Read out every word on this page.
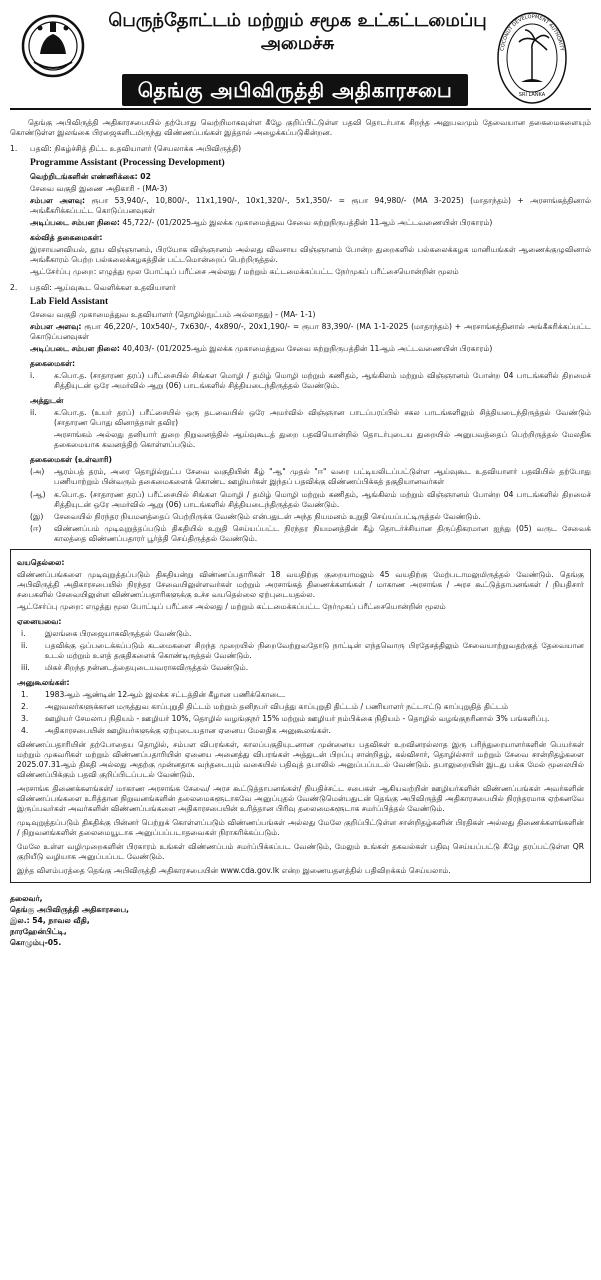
பெருந்தோட்டம் மற்றும் சமூக உட்கட்டமைப்பு
அமைச்சு
தெங்கு அபிவிருத்தி அதிகாரசபை
COCONUT DEVELOPMENT AUTHORITY
SRI LANKA

தெங்கு அபிவிருத்தி அதிகாரசபையில் தற்போது வெற்றிமாகவுள்ள கீழே குறிப்பிட்டுள்ள பதவி தொடர்பாக சிறந்த அனுபவமும் தேவையான தகைமைகளையும் கொண்டுள்ள இலங்கை பிரஜைகளிடமிருந்து விண்ணப்பங்கள் இத்தால் அழைக்கப்படுகின்றன.

1.	பதவி: நிகழ்ச்சித் திட்ட உதவியாளர் (செயலாக்க அபிவிருத்தி)
Programme Assistant (Processing Development)

வெற்றிடங்களின் எண்ணிக்கை: 02

சேவை வகுதி இணை அதிகாரி - (MA-3)

சம்பள அளவு: ரூபா 53,940/-, 10,800/-, 11x1,190/-, 10x1,320/-, 5x1,350/- = ரூபா 94,980/- (MA 3-2025) (மாதாந்தம்) + அரசாங்கத்தினால் அங்கீகரிக்கப்பட்ட கொடுப்பனவுகள்

அடிப்படை சம்பள நிலை: 45,722/- (01/2025ஆம் இலக்க முகாமைத்துவ சேவை சுற்றுநிருபத்தின் 11ஆம் அட்டவணையின் பிரகாரம்)

கல்வித் தகைமைகள்:

இரசாயனவியல், தூய விஞ்ஞானம், பிரயோக விஞ்ஞானம் அல்லது விவசாய விஞ்ஞானம் போன்ற துறைகளில் பல்கலைக்கழக மானியங்கள் ஆணைக்குழுவினால் அங்கீகாரம் பெற்ற பல்கலைக்கழகத்தின் பட்டமொன்றைப் பெற்றிருத்தல்.

ஆட்சேர்ப்பு முறை: எழுத்து மூல போட்டிப் பரீட்சை அல்லது / மற்றும் கட்டமைக்கப்பட்ட நேர்முகப் பரீட்சையொன்றின் மூலம்

2.	பதவி: ஆய்வுகூட வெளிக்கள உதவியாளர்
Lab Field Assistant

சேவை வகுதி முகாமைத்துவ உதவியாளர் (தொழில்நுட்பம் அல்லாதது) - (MA- 1-1)

சம்பள அளவு: ரூபா 46,220/-, 10x540/-, 7x630/-, 4x890/-, 20x1,190/- = ரூபா 83,390/- (MA 1-1-2025 (மாதாந்தம்) + அரசாங்கத்தினால் அங்கீகரிக்கப்பட்ட கொடுப்பனவுகள்

அடிப்படை சம்பள நிலை: 40,403/- (01/2025ஆம் இலக்க முகாமைத்துவ சேவை சுற்றுநிருபத்தின் 11ஆம் அட்டவணையின் பிரகாரம்)

தகைமைகள்:

i.	க.பொ.த. (சாதாரண தரப்) பரீட்சையில் சிங்கள மொழி / தமிழ் மொழி மற்றும் கணிதம், ஆங்கிலம் மற்றும் விஞ்ஞானம் போன்ற 04 பாடங்களில் திறமைச் சித்தியுடன் ஒரே அமர்வில் ஆறு (06) பாடங்களில் சித்தியடைந்திருத்தல் வேண்டும்.

அத்துடன்

ii.	க.பொ.த. (உயர் தரப்) பரீட்சையில் ஒரு தடவையில் ஒரே அமர்வில் விஞ்ஞான பாடப்பரப்பில் சகல பாடங்களிலும் சித்தியடைந்திருத்தல் வேண்டும் (சாதாரண பொது வினாத்தாள் தவிர)

அரசாங்கம் அல்லது தனியார் துறை நிறுவனத்தில் ஆய்வுகூடத் துறை பதவியொன்றில் தொடர்புடைய துறையில் அனுபவத்தைப் பெற்றிருத்தல் மேலதிக தகைமையாக கவனத்திற் கொள்ளப்படும்.

தகைமைகள் (உள்வாரி)

(அ)	ஆரம்பத் தரம், அரை தொழில்நுட்ப சேவை வகுதியின் கீழ் "ஆ" முதல் "ஈ" வரை பட்டியலிடப்பட்டுள்ள ஆய்வுகூட உதவியாளர் பதவியில் தற்போது பணியாற்றும் பின்வரும் தகைமைகளைக் கொண்ட ஊழியர்கள் இந்தப் பதவிக்கு விண்ணப்பிக்கத் தகுதியானவர்கள்
(ஆ)	க.பொ.த. (சாதாரண தரப்) பரீட்சையில் சிங்கள மொழி / தமிழ் மொழி மற்றும் கணிதம், ஆங்கிலம் மற்றும் விஞ்ஞானம் போன்ற 04 பாடங்களில் திறமைச் சித்தியுடன் ஒரே அமர்வில் ஆறு (06) பாடங்களில் சித்தியடைந்திருத்தல் வேண்டும்.
(இ)	சேவையில் நிரந்தர நியமனத்தைப் பெற்றிருக்க வேண்டும் என்பதுடன் அந்த நியமனம் உறுதி செய்யப்பட்டிருத்தல் வேண்டும்.
(ஈ)	விண்ணப்பம் முடிவுறுத்தப்படும் திகதியில் உறுதி செய்யப்பட்ட நிரந்தர நியமனத்தின் கீழ் தொடர்ச்சியான திருப்திகரமான ஐந்து (05) வருட சேவைக் காலத்தை விண்ணப்பதாரர் பூர்த்தி செய்திருத்தல் வேண்டும்.

வயதெல்லை:

விண்ணப்பங்களை முடிவுறுத்தப்படும் திகதியன்று விண்ணப்பதாரிகள் 18 வயதிற்கு குறையாமலும் 45 வயதிற்கு மேற்படாமலுமிருத்தல் வேண்டும். தெங்கு அபிவிருத்தி அதிகாரசபையில் நிரந்தர சேவையிலுள்ளவர்கள் மற்றும் அரசாங்கத் திணைக்களங்கள் / மாகாண அரசாங்க / அரச கூட்டுத்தாபனங்கள் / நியதிசார் சபைகளில் சேவையிலுள்ள விண்ணப்பதாரிகளுக்கு உச்ச வயதெல்லை ஏற்புடையதல்ல.

ஆட்சேர்ப்பு முறை: எழுத்து மூல போட்டிப் பரீட்சை அல்லது / மற்றும் கட்டமைக்கப்பட்ட நேர்முகப் பரீட்சையொன்றின் மூலம்

ஏனையவை:

i.	இலங்கை பிரஜையாகவிருத்தல் வேண்டும்.
ii.	பதவிக்கு ஒப்படைக்கப்படும் கடமைகளை சிறந்த முறையில் நிறைவேற்றுவதோடு நாட்டின் எந்தவொரு பிரதேசத்திலும் சேவையாற்றுவதற்குத் தேவையான உடல் மற்றும் உளத் தகுதிகளைக் கொண்டிருத்தல் வேண்டும்.
iii.	மிகச் சிறந்த நன்னடத்தையுடையவராகவிருத்தல் வேண்டும்.

அனுகூலங்கள்:

1.	1983ஆம் ஆண்டின் 12ஆம் இலக்க சட்டத்தின் கீழான பணிக்கொடை.
2.	அலுவலர்களுக்கான மருத்துவ காப்புறுதி திட்டம் மற்றும் தனிநபர் விபத்து காப்புறுதி திட்டம் / பணியாளர் நட்டஈட்டு காப்புறுதித் திட்டம்
3.	ஊழியர் சேமலாப நிதியம் - ஊழியர் 10%, தொழில் வழங்குநர் 15% மற்றும் ஊழியர் நம்பிக்கை நிதியம் - தொழில் வழங்குநரினால் 3% பங்களிப்பு.
4.	அதிகாரசபையின் ஊழியர்களுக்கு ஏற்புடையதான ஏனைய மேலதிக அனுகூலங்கள்.

விண்ணப்பதாரியின் தற்போதைய தொழில், சம்பள விபரங்கள், காலப்பகுதியுடனான முன்னைய பதவிகள் உறவினரல்லாத இரு பரிந்துரையாளர்களின் பெயர்கள் மற்றும் முகவரிகள் மற்றும் விண்ணப்பதாரியின் ஏனைய அனைத்து விபரங்கள் அத்துடன் பிறப்பு சான்றிதழ், கல்விசார், தொழில்சார் மற்றும் சேவை சான்றிதழ்களை 2025.07.31ஆம் திகதி அல்லது அதற்கு முன்னதாக வந்தடையும் வகையில் பதிவுத் தபாலில் அனுப்பப்படல் வேண்டும். தபாலுறையின் இடது பக்க மேல் மூலையில் விண்ணப்பிக்கும் பதவி குறிப்பிடப்படல் வேண்டும்.

அரசாங்க திணைக்களங்கள்/ மாகாண அரசாங்க சேவை/ அரச கூட்டுத்தாபனங்கள்/ நியதிச்சட்ட சபைகள் ஆகியவற்றின் ஊழியர்களின் விண்ணப்பங்கள் அவர்களின் விண்ணப்பங்களை உரித்தான நிறுவனங்களின் தலைமைகளூடாகவே அனுப்புதல் வேண்டுமென்பதுடன் தெங்கு அபிவிருத்தி அதிகாரசபையில் நிரந்தரமாக ஏற்கனவே இருப்பவர்கள் அவர்களின் விண்ணப்பங்களை அதிகாரசபையின் உரித்தான பிரிவு தலைமைகளூடாக சமர்ப்பித்தல் வேண்டும்.

முடிவுறுத்தப்படும் திகதிக்கு பின்னர் பெற்றுக் கொள்ளப்படும் விண்ணப்பங்கள் அல்லது மேலே குறிப்பிட்டுள்ள சான்றிதழ்களின் பிரதிகள் அல்லது திணைக்களங்களின் / நிறுவனங்களின் தலைமையூடாக அனுப்பப்படாதவைகள் நிராகரிக்கப்படும்.

மேலே உள்ள வழிமுறைகளின் பிரகாரம் உங்கள் விண்ணப்பம் சமர்ப்பிக்கப்பட வேண்டும், மேலும் உங்கள் தகவல்கள் பதிவு செய்யப்பட்டு கீழே தரப்பட்டுள்ள QR குறியீடு வழியாக அனுப்பப்பட வேண்டும்.

இந்த விளம்பரத்தை தெங்கு அபிவிருத்தி அதிகாரசபையின் www.cda.gov.lk என்ற இணையதளத்தில் பதிவிறக்கம் செய்யலாம்.

தலைவர்,
தெங்கு அபிவிருத்தி அதிகாரசபை,
இல.: 54, நாவல வீதி,
நாரஹேன்பிட்டி,
கொழும்பு-05.
